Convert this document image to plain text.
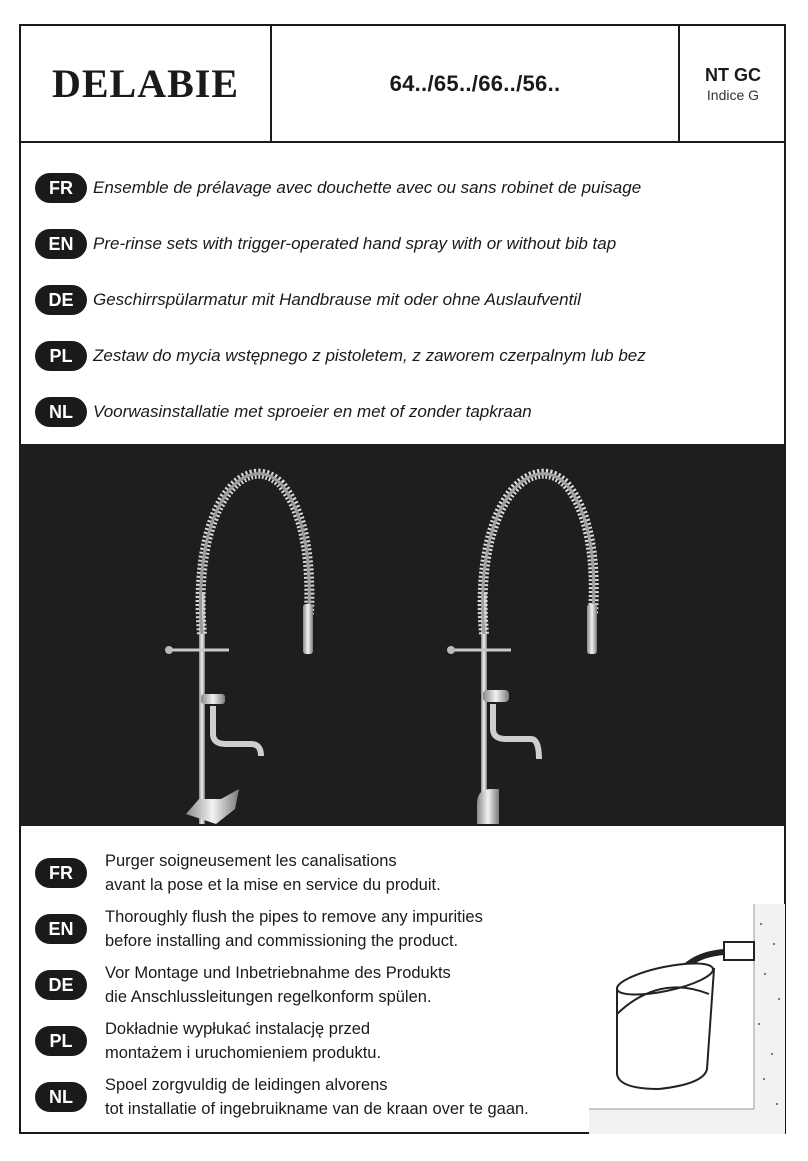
DELABIE	64../65../66../56..	NT GC
Indice G
FR	Ensemble de prélavage avec douchette avec ou sans robinet de puisage
EN	Pre-rinse sets with trigger-operated hand spray with or without bib tap
DE	Geschirrspülarmatur mit Handbrause mit oder ohne Auslaufventil
PL	Zestaw do mycia wstępnego z pistoletem, z zaworem czerpalnym lub bez
NL	Voorwasinstallatie met sproeier en met of zonder tapkraan
FR
Purger soigneusement les canalisations
avant la pose et la mise en service du produit.
EN
Thoroughly flush the pipes to remove any impurities
before installing and commissioning the product.
DE
Vor Montage und Inbetriebnahme des Produkts
die Anschlussleitungen regelkonform spülen.
PL
Dokładnie wypłukać instalację przed
montażem i uruchomieniem produktu.
NL
Spoel zorgvuldig de leidingen alvorens
tot installatie of ingebruikname van de kraan over te gaan.
